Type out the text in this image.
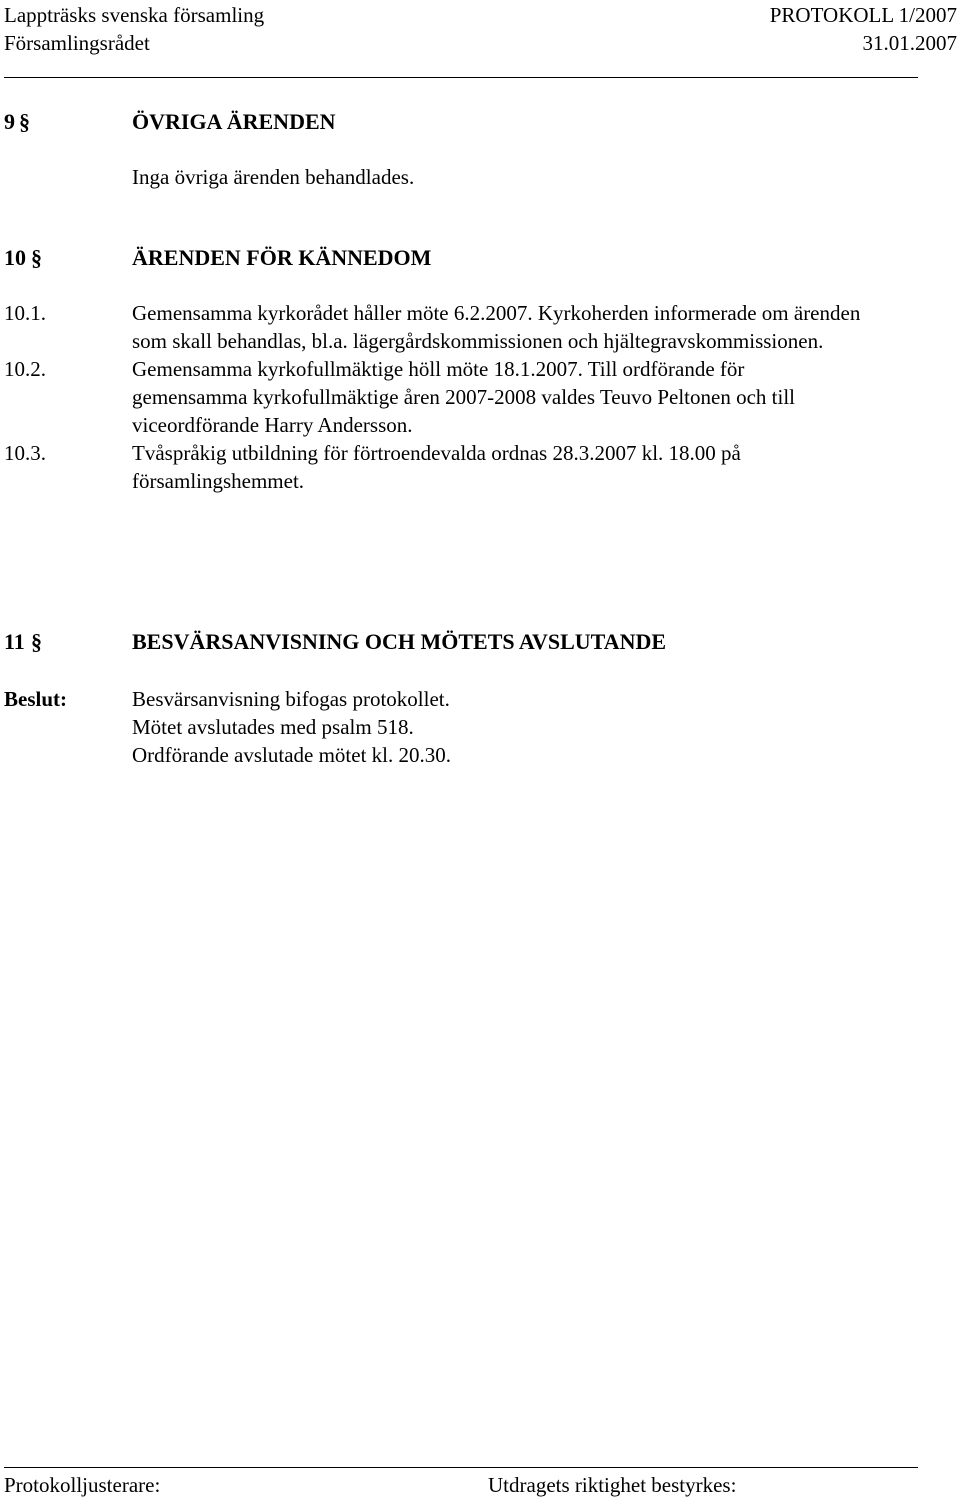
Lappträsks svenska församling	PROTOKOLL 1/2007
Församlingsrådet	31.01.2007
9 §	ÖVRIGA ÄRENDEN
Inga övriga ärenden behandlades.
10 §	ÄRENDEN FÖR KÄNNEDOM
10.1.	Gemensamma kyrkorådet håller möte 6.2.2007. Kyrkoherden informerade om ärenden
som skall behandlas, bl.a. lägergårdskommissionen och hjältegravskommissionen.
10.2.	Gemensamma kyrkofullmäktige höll möte 18.1.2007. Till ordförande för
gemensamma kyrkofullmäktige åren 2007-2008 valdes Teuvo Peltonen och till
viceordförande Harry Andersson.
10.3.	Tvåspråkig utbildning för förtroendevalda ordnas 28.3.2007 kl. 18.00 på
församlingshemmet.
11 §	BESVÄRSANVISNING OCH MÖTETS AVSLUTANDE
Beslut:	Besvärsanvisning bifogas protokollet.
Mötet avslutades med psalm 518.
Ordförande avslutade mötet kl. 20.30.
Protokolljusterare:	Utdragets riktighet bestyrkes:
